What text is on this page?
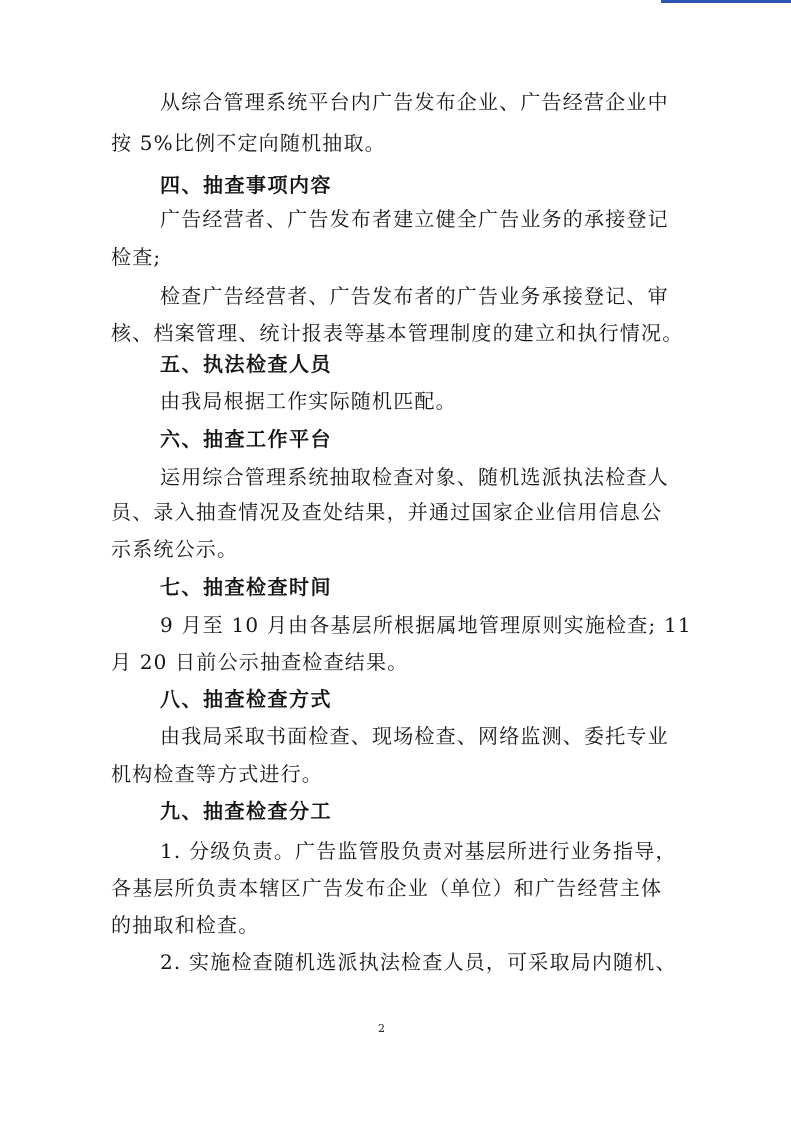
从综合管理系统平台内广告发布企业、广告经营企业中

按 5%比例不定向随机抽取。

四、抽查事项内容

广告经营者、广告发布者建立健全广告业务的承接登记

检查;

检查广告经营者、广告发布者的广告业务承接登记、审

核、档案管理、统计报表等基本管理制度的建立和执行情况。

五、执法检查人员

由我局根据工作实际随机匹配。

六、抽查工作平台

运用综合管理系统抽取检查对象、随机选派执法检查人

员、录入抽查情况及查处结果，并通过国家企业信用信息公

示系统公示。

七、抽查检查时间

9 月至 10 月由各基层所根据属地管理原则实施检查; 11

月 20 日前公示抽查检查结果。

八、抽查检查方式

由我局采取书面检查、现场检查、网络监测、委托专业

机构检查等方式进行。

九、抽查检查分工

1. 分级负责。广告监管股负责对基层所进行业务指导，

各基层所负责本辖区广告发布企业（单位）和广告经营主体

的抽取和检查。

2. 实施检查随机选派执法检查人员，可采取局内随机、

2
